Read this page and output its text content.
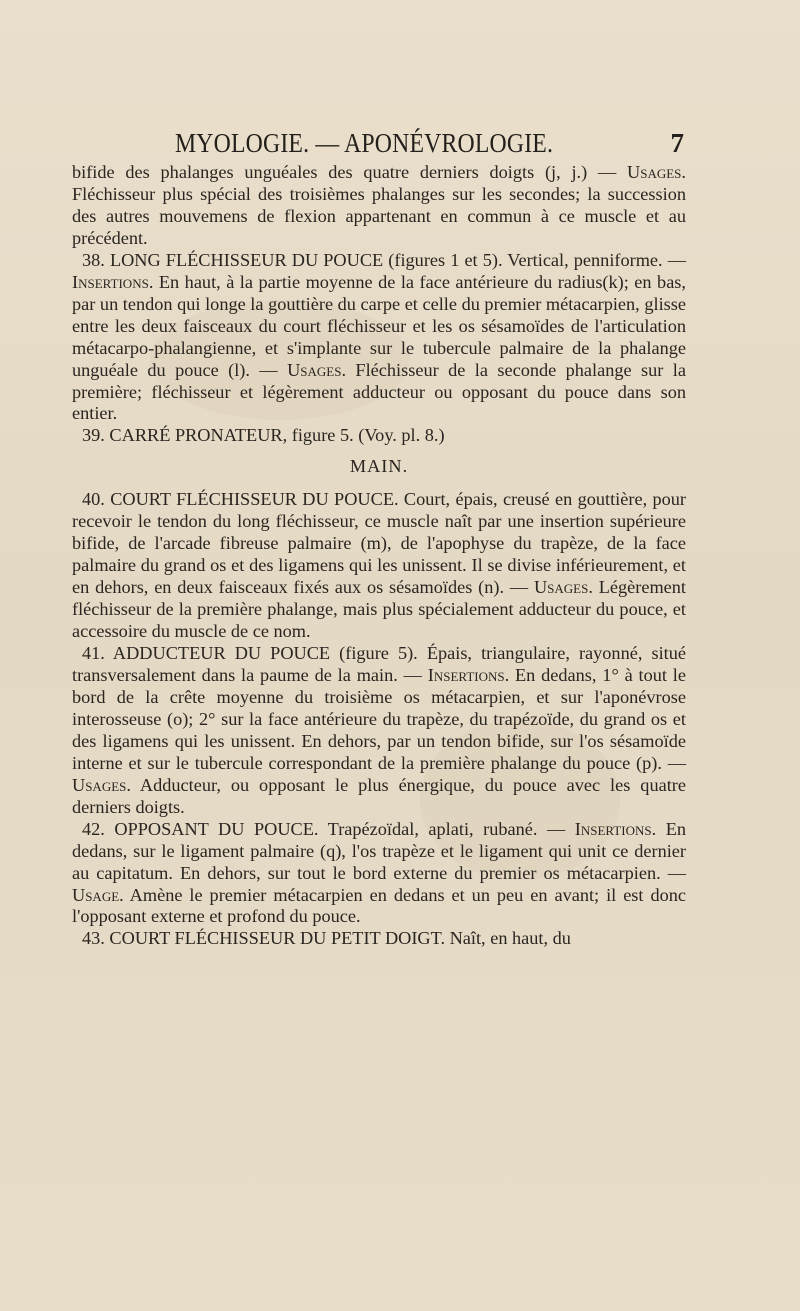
MYOLOGIE. — APONÉVROLOGIE.	7

bifide des phalanges unguéales des quatre derniers doigts (j, j.) — Usages. Fléchisseur plus spécial des troisièmes phalanges sur les secondes; la succession des autres mouvemens de flexion appartenant en commun à ce muscle et au précédent.

38. LONG FLÉCHISSEUR DU POUCE (figures 1 et 5). Vertical, penniforme. — Insertions. En haut, à la partie moyenne de la face antérieure du radius(k); en bas, par un tendon qui longe la gouttière du carpe et celle du premier métacarpien, glisse entre les deux faisceaux du court fléchisseur et les os sésamoïdes de l'articulation métacarpo-phalangienne, et s'implante sur le tubercule palmaire de la phalange unguéale du pouce (l). — Usages. Fléchisseur de la seconde phalange sur la première; fléchisseur et légèrement adducteur ou opposant du pouce dans son entier.

39. CARRÉ PRONATEUR, figure 5. (Voy. pl. 8.)

MAIN.

40. COURT FLÉCHISSEUR DU POUCE. Court, épais, creusé en gouttière, pour recevoir le tendon du long fléchisseur, ce muscle naît par une insertion supérieure bifide, de l'arcade fibreuse palmaire (m), de l'apophyse du trapèze, de la face palmaire du grand os et des ligamens qui les unissent. Il se divise inférieurement, et en dehors, en deux faisceaux fixés aux os sésamoïdes (n). — Usages. Légèrement fléchisseur de la première phalange, mais plus spécialement adducteur du pouce, et accessoire du muscle de ce nom.

41. ADDUCTEUR DU POUCE (figure 5). Épais, triangulaire, rayonné, situé transversalement dans la paume de la main. — Insertions. En dedans, 1° à tout le bord de la crête moyenne du troisième os métacarpien, et sur l'aponévrose interosseuse (o); 2° sur la face antérieure du trapèze, du trapézoïde, du grand os et des ligamens qui les unissent. En dehors, par un tendon bifide, sur l'os sésamoïde interne et sur le tubercule correspondant de la première phalange du pouce (p). — Usages. Adducteur, ou opposant le plus énergique, du pouce avec les quatre derniers doigts.

42. OPPOSANT DU POUCE. Trapézoïdal, aplati, rubané. — Insertions. En dedans, sur le ligament palmaire (q), l'os trapèze et le ligament qui unit ce dernier au capitatum. En dehors, sur tout le bord externe du premier os métacarpien. — Usage. Amène le premier métacarpien en dedans et un peu en avant; il est donc l'opposant externe et profond du pouce.

43. COURT FLÉCHISSEUR DU PETIT DOIGT. Naît, en haut, du
